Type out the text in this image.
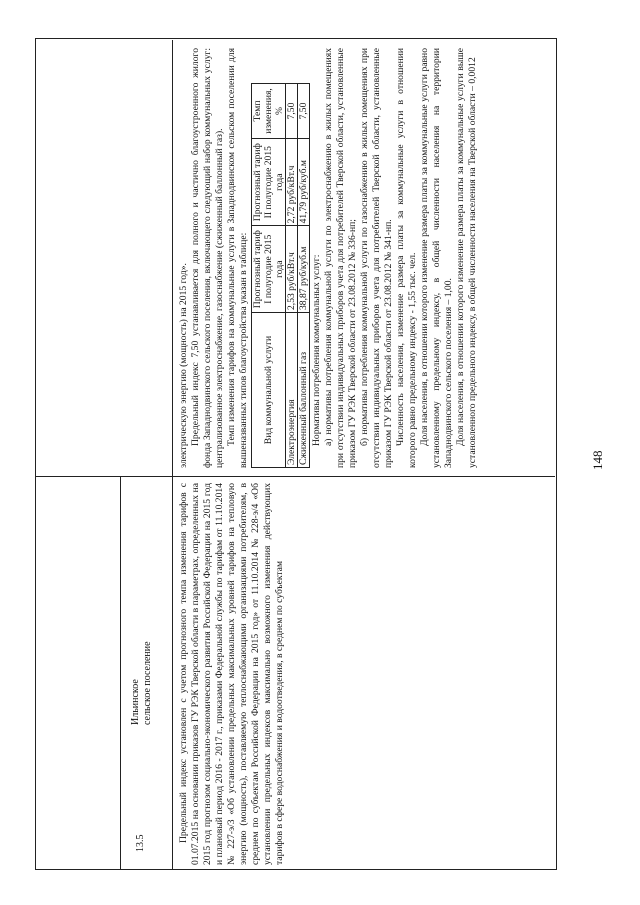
148

электрическую энергию (мощность) на 2015 год». Предельный индекс 7,50 устанавливается для полного и частично благоустроенного жилого фонда Западнодвинского сельского поселения, включающего следующий набор коммунальных услуг: централизованное электроснабжение, газоснабжение (сжиженный баллонный газ). Темп изменения тарифов на коммунальные услуги в Западнодвинском сельском поселении для вышеназванных типов благоустройства указан в таблице: Вид коммунальной услуги	Прогнозный тариф I полугодие 2015 года	Прогнозный тариф II полугодие 2015 года	Темп изменения, %
Электроэнергия	2,53 руб/кВт.ч	2,72 руб/кВт.ч	7,50
Сжиженный баллонный газ	38,87 руб/куб.м	41,79 руб/куб.м	7,50

Нормативы потребления коммунальных услуг: а) нормативы потребления коммунальной услуги по электроснабжению в жилых помещениях при отсутствии индивидуальных приборов учета для потребителей Тверской области, установленные приказом ГУ РЭК Тверской области от 23.08.2012 № 336-нп; б) нормативы потребления коммунальной услуги по газоснабжению в жилых помещениях при отсутствии индивидуальных приборов учета для потребителей Тверской области, установленные приказом ГУ РЭК Тверской области от 23.08.2012 № 341-нп. Численность населения, изменение размера платы за коммунальные услуги в отношении которого равно предельному индексу - 1,55 тыс. чел. Доля населения, в отношении которого изменение размера платы за коммунальные услуги равно установленному предельному индексу, в общей численности населения на территории Западнодвинского сельского поселения – 1,00. Доля населения, в отношении которого изменение размера платы за коммунальные услуги выше установленного предельного индексу, в общей численности населения на Тверской области – 0,0012

13.5
Ильинское сельское поселение	Предельный индекс установлен с учетом прогнозного темпа изменения тарифов с 01.07.2015 на основании приказов ГУ РЭК Тверской области в параметрах, определенных на 2015 год прогнозом социально-экономического развития Российской Федерации на 2015 год и плановый период 2016 - 2017 г., приказами Федеральной службы по тарифам от 11.10.2014 № 227-э/3 «Об установлении предельных максимальных уровней тарифов на тепловую энергию (мощность), поставляемую теплоснабжающими организациями потребителям, в среднем по субъектам Российской Федерации на 2015 год» от 11.10.2014 № 228-э/4 «Об установлении предельных индексов максимально возможного изменения действующих тарифов в сфере водоснабжения и водоотведения, в среднем по субъектам
